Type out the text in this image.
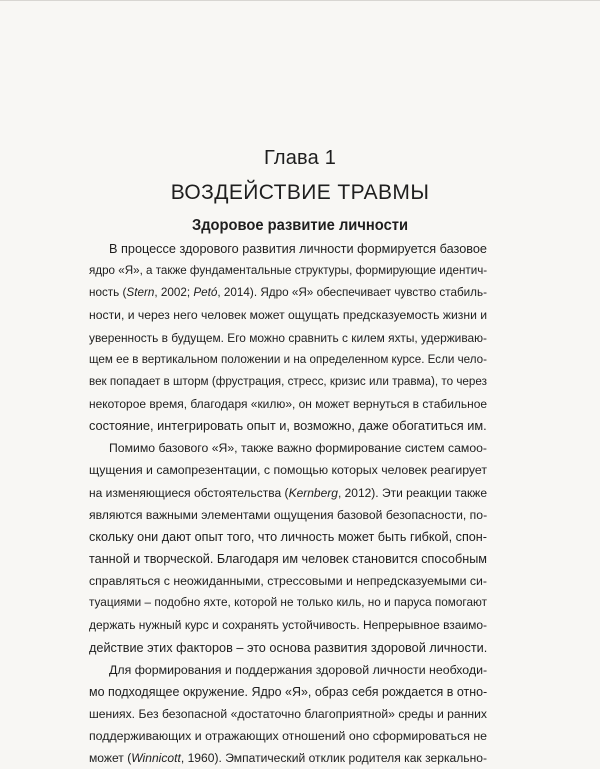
Глава 1
ВОЗДЕЙСТВИЕ ТРАВМЫ
Здоровое развитие личности
В процессе здорового развития личности формируется базовое
ядро «Я», а также фундаментальные структуры, формирующие идентич-
ность (Stern, 2002; Petó, 2014). Ядро «Я» обеспечивает чувство стабиль-
ности, и через него человек может ощущать предсказуемость жизни и
уверенность в будущем. Его можно сравнить с килем яхты, удерживаю-
щем ее в вертикальном положении и на определенном курсе. Если чело-
век попадает в шторм (фрустрация, стресс, кризис или травма), то через
некоторое время, благодаря «килю», он может вернуться в стабильное
состояние, интегрировать опыт и, возможно, даже обогатиться им.
Помимо базового «Я», также важно формирование систем самоо-
щущения и самопрезентации, с помощью которых человек реагирует
на изменяющиеся обстоятельства (Kernberg, 2012). Эти реакции также
являются важными элементами ощущения базовой безопасности, по-
скольку они дают опыт того, что личность может быть гибкой, спон-
танной и творческой. Благодаря им человек становится способным
справляться с неожиданными, стрессовыми и непредсказуемыми си-
туациями – подобно яхте, которой не только киль, но и паруса помогают
держать нужный курс и сохранять устойчивость. Непрерывное взаимо-
действие этих факторов – это основа развития здоровой личности.
Для формирования и поддержания здоровой личности необходи-
мо подходящее окружение. Ядро «Я», образ себя рождается в отно-
шениях. Без безопасной «достаточно благоприятной» среды и ранних
поддерживающих и отражающих отношений оно сформироваться не
может (Winnicott, 1960). Эмпатический отклик родителя как зеркально-
